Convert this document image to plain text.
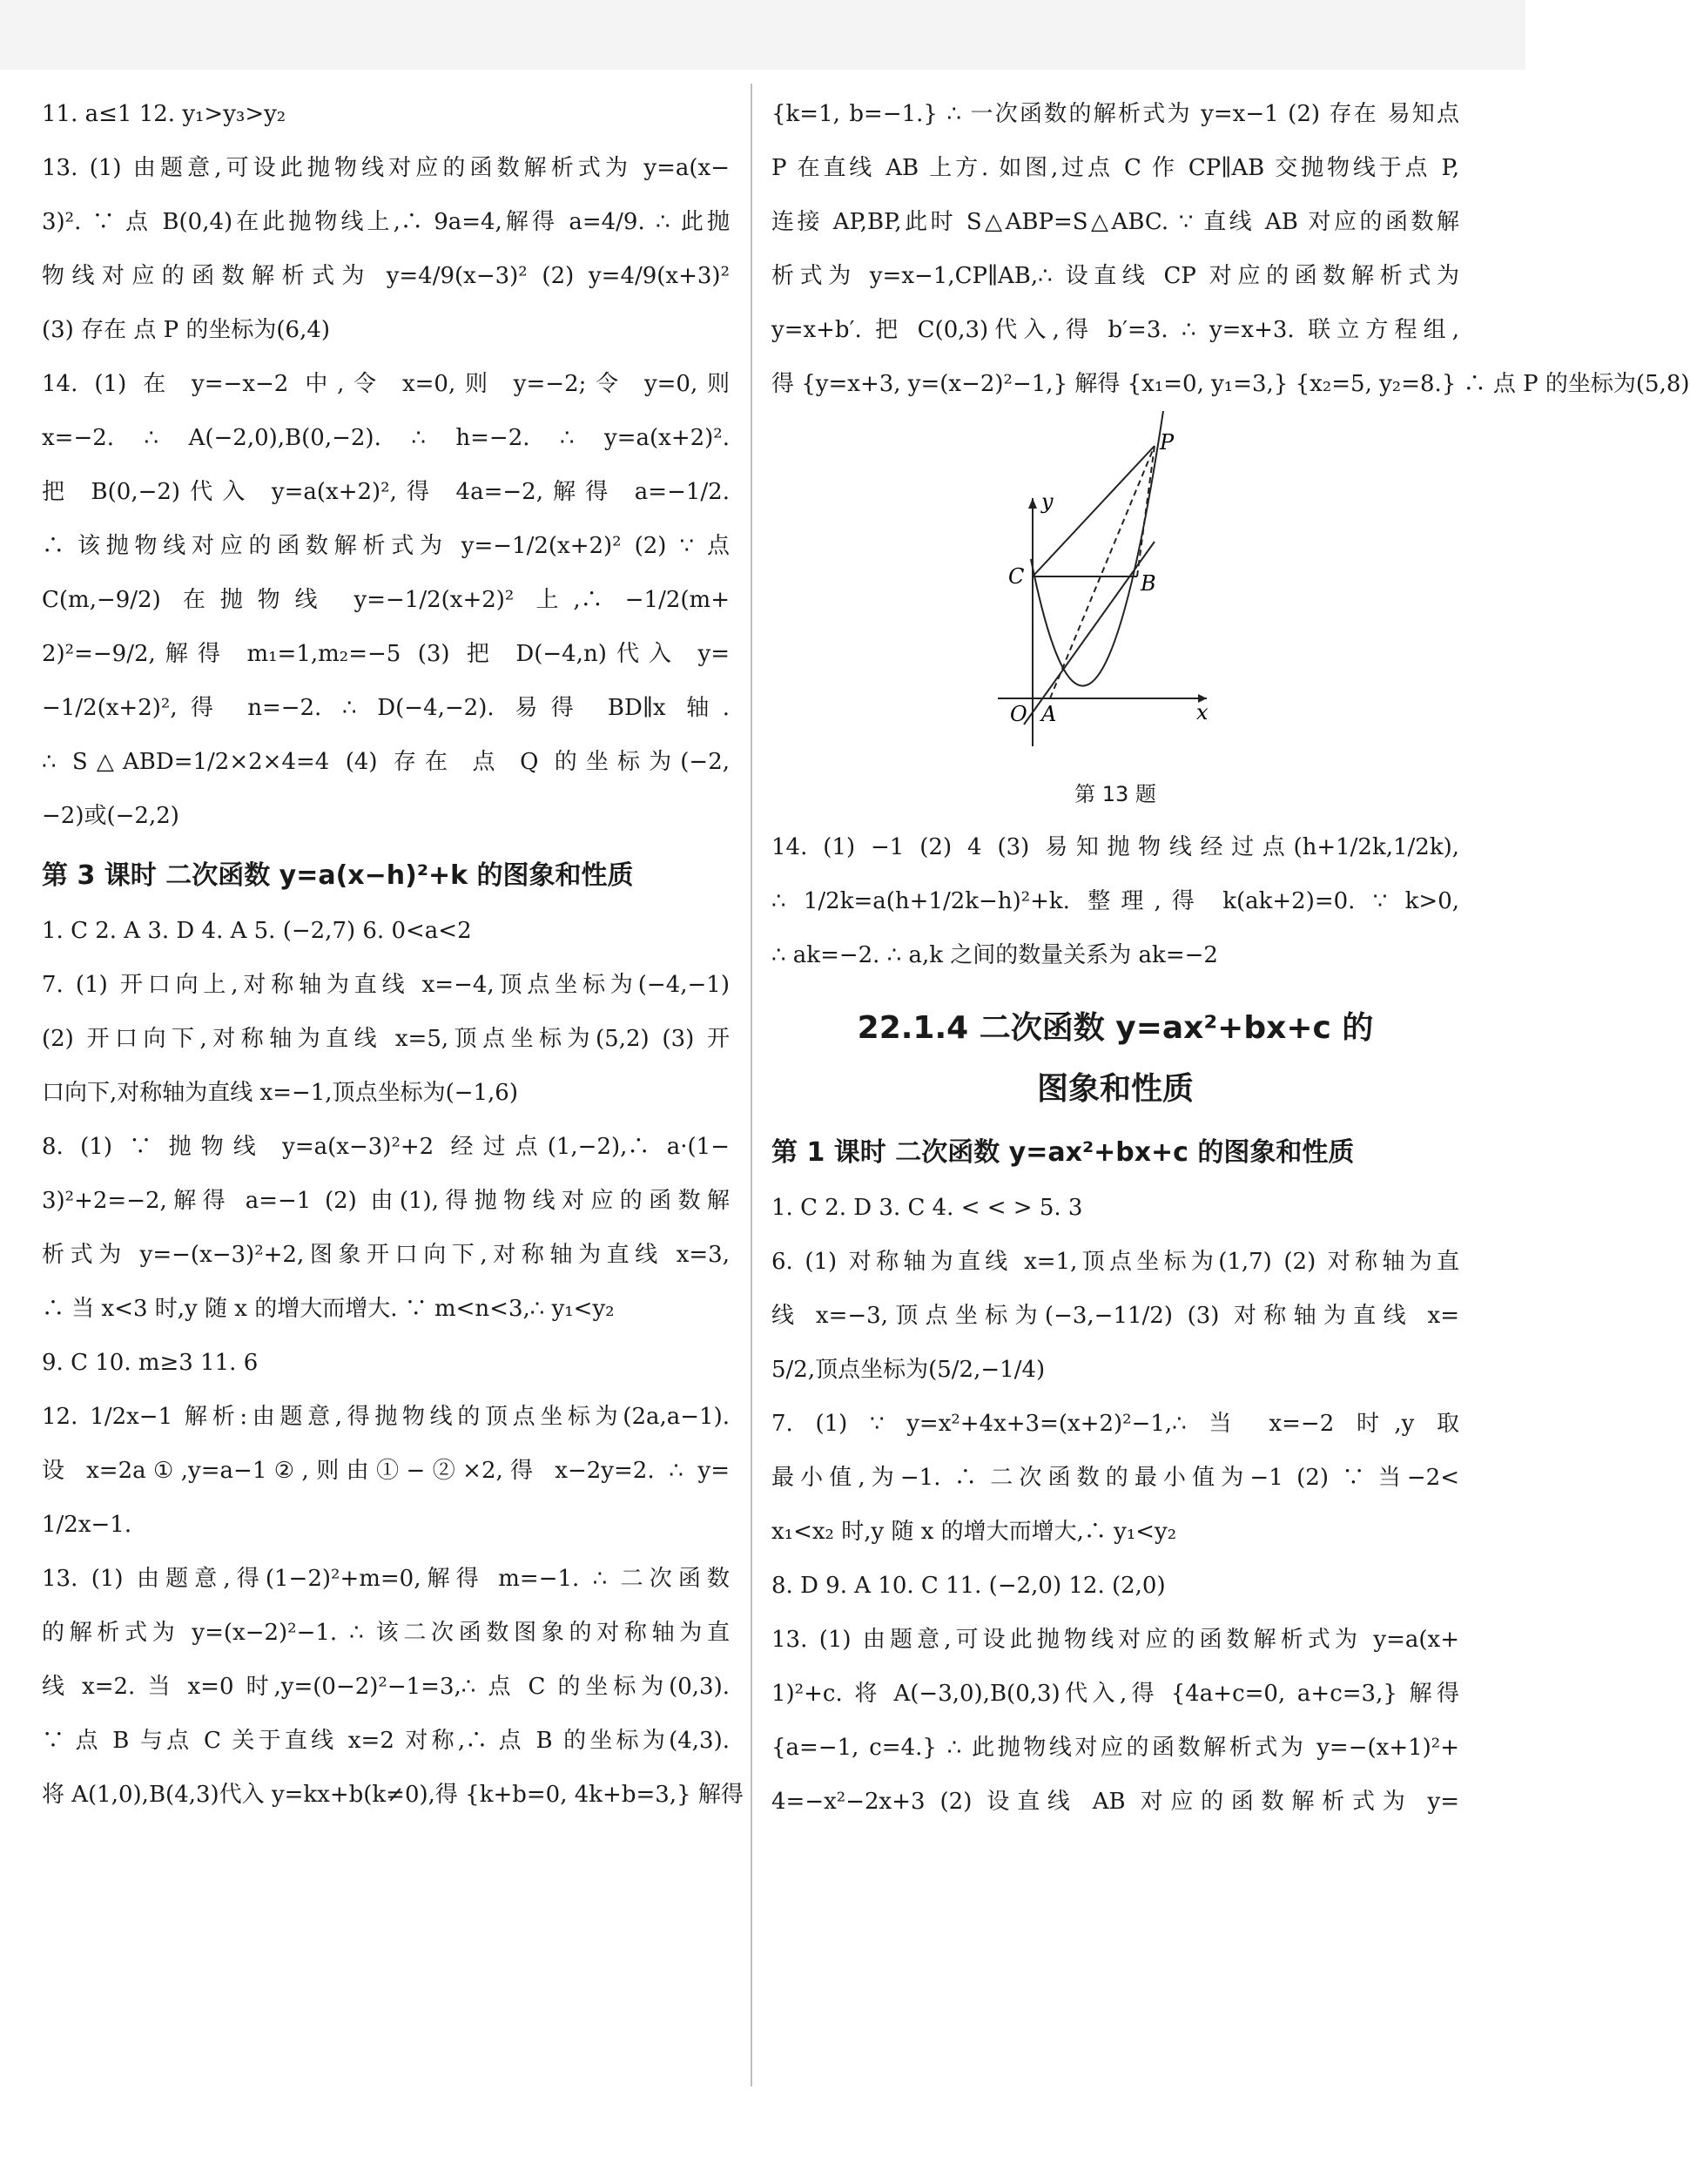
11. a≤1 12. y₁>y₃>y₂

13. (1) 由题意,可设此抛物线对应的函数解析式为 y=a(x−

3)². ∵ 点 B(0,4)在此抛物线上,∴ 9a=4,解得 a=4/9. ∴ 此抛

物线对应的函数解析式为 y=4/9(x−3)² (2) y=4/9(x+3)²

(3) 存在 点 P 的坐标为(6,4)

14. (1) 在 y=−x−2 中,令 x=0,则 y=−2;令 y=0,则

x=−2. ∴ A(−2,0),B(0,−2). ∴ h=−2. ∴ y=a(x+2)².

把 B(0,−2)代入 y=a(x+2)²,得 4a=−2,解得 a=−1/2.

∴ 该抛物线对应的函数解析式为 y=−1/2(x+2)² (2) ∵ 点

C(m,−9/2) 在抛物线 y=−1/2(x+2)² 上,∴ −1/2(m+

2)²=−9/2,解得 m₁=1,m₂=−5 (3) 把 D(−4,n)代入 y=

−1/2(x+2)²,得 n=−2. ∴ D(−4,−2). 易得 BD∥x 轴.

∴ S△ABD=1/2×2×4=4 (4) 存在 点 Q 的坐标为(−2,

−2)或(−2,2)

第 3 课时 二次函数 y=a(x−h)²+k 的图象和性质

1. C 2. A 3. D 4. A 5. (−2,7) 6. 0<a<2

7. (1) 开口向上,对称轴为直线 x=−4,顶点坐标为(−4,−1)

(2) 开口向下,对称轴为直线 x=5,顶点坐标为(5,2) (3) 开

口向下,对称轴为直线 x=−1,顶点坐标为(−1,6)

8. (1) ∵ 抛物线 y=a(x−3)²+2 经过点(1,−2),∴ a·(1−

3)²+2=−2,解得 a=−1 (2) 由(1),得抛物线对应的函数解

析式为 y=−(x−3)²+2,图象开口向下,对称轴为直线 x=3,

∴ 当 x<3 时,y 随 x 的增大而增大. ∵ m<n<3,∴ y₁<y₂

9. C 10. m≥3 11. 6

12. 1/2x−1 解析:由题意,得抛物线的顶点坐标为(2a,a−1).

设 x=2a①,y=a−1②,则由①−②×2,得 x−2y=2. ∴ y=

1/2x−1.

13. (1) 由题意,得(1−2)²+m=0,解得 m=−1. ∴ 二次函数

的解析式为 y=(x−2)²−1. ∴ 该二次函数图象的对称轴为直

线 x=2. 当 x=0 时,y=(0−2)²−1=3,∴ 点 C 的坐标为(0,3).

∵ 点 B 与点 C 关于直线 x=2 对称,∴ 点 B 的坐标为(4,3).

将 A(1,0),B(4,3)代入 y=kx+b(k≠0),得 {k+b=0, 4k+b=3,} 解得

{k=1, b=−1.} ∴ 一次函数的解析式为 y=x−1 (2) 存在 易知点

P 在直线 AB 上方. 如图,过点 C 作 CP∥AB 交抛物线于点 P,

连接 AP,BP,此时 S△ABP=S△ABC. ∵ 直线 AB 对应的函数解

析式为 y=x−1,CP∥AB,∴ 设直线 CP 对应的函数解析式为

y=x+b′. 把 C(0,3)代入,得 b′=3. ∴ y=x+3. 联立方程组,

得 {y=x+3, y=(x−2)²−1,} 解得 {x₁=0, y₁=3,} {x₂=5, y₂=8.} ∴ 点 P 的坐标为(5,8)

P
y
C	B
O A	x
第 13 题

14. (1) −1 (2) 4 (3) 易知抛物线经过点(h+1/2k,1/2k),

∴ 1/2k=a(h+1/2k−h)²+k. 整理,得 k(ak+2)=0. ∵ k>0,

∴ ak=−2. ∴ a,k 之间的数量关系为 ak=−2

22.1.4 二次函数 y=ax²+bx+c 的
图象和性质
第 1 课时 二次函数 y=ax²+bx+c 的图象和性质

1. C 2. D 3. C 4. < < > 5. 3

6. (1) 对称轴为直线 x=1,顶点坐标为(1,7) (2) 对称轴为直

线 x=−3,顶点坐标为(−3,−11/2) (3) 对称轴为直线 x=

5/2,顶点坐标为(5/2,−1/4)

7. (1) ∵ y=x²+4x+3=(x+2)²−1,∴ 当 x=−2 时,y 取

最小值,为−1. ∴ 二次函数的最小值为−1 (2) ∵ 当−2<

x₁<x₂ 时,y 随 x 的增大而增大,∴ y₁<y₂

8. D 9. A 10. C 11. (−2,0) 12. (2,0)

13. (1) 由题意,可设此抛物线对应的函数解析式为 y=a(x+

1)²+c. 将 A(−3,0),B(0,3)代入,得 {4a+c=0, a+c=3,} 解得

{a=−1, c=4.} ∴ 此抛物线对应的函数解析式为 y=−(x+1)²+

4=−x²−2x+3 (2) 设直线 AB 对应的函数解析式为 y=
